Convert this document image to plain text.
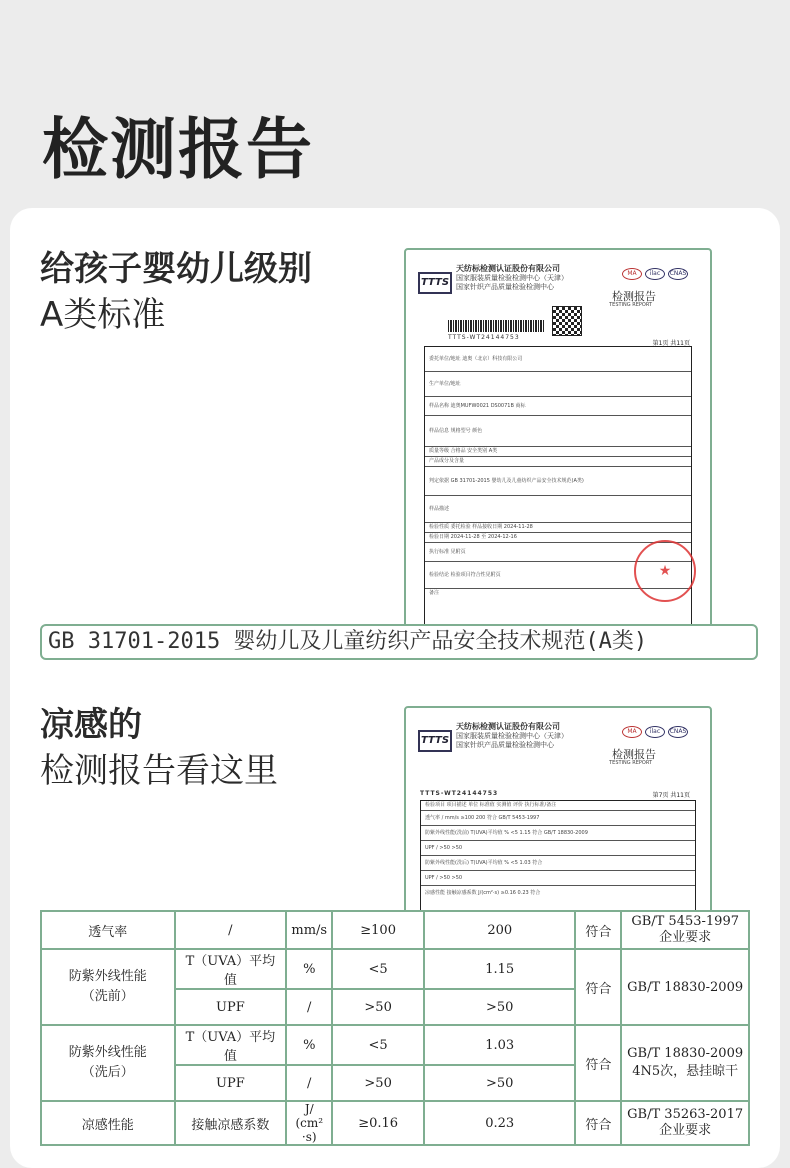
检测报告
给孩子婴幼儿级别
A类标准
TTTS
天纺标检测认证股份有限公司
国家服装质量检验检测中心（天津）
国家针织产品质量检验检测中心
MA	ilac	CNAS
检测报告
TESTING REPORT
TTTS-WT24144753
第1页 共11页
委托单位/地址 迪奥（北京）科技有限公司
生产单位/地址
样品名称 迪奥MUFW0021 DS0071B 商标
样品信息 规格型号 颜色
质量等级 合格品 安全类别 A类
产品成分及含量
判定依据 GB 31701-2015 婴幼儿及儿童纺织产品安全技术规范(A类)
样品描述
检验性质 委托检验 样品接收日期 2024-11-28
检验日期 2024-11-28 至 2024-12-16
执行标准 见附页
检验结论 检验项目符合性见附页
备注
★
GB 31701-2015 婴幼儿及儿童纺织产品安全技术规范(A类)
凉感的
检测报告看这里
TTTS
天纺标检测认证股份有限公司
国家服装质量检验检测中心（天津）
国家针织产品质量检验检测中心
MA	ilac	CNAS
检测报告
TESTING REPORT
TTTS-WT24144753	第7页 共11页
检验项目 项目描述 单位 标准值 实测值 评价 执行标准/备注
透气率 / mm/s ≥100 200 符合 GB/T 5453-1997
防紫外线性能(洗前) T(UVA)平均值 % <5 1.15 符合 GB/T 18830-2009
UPF / >50 >50
防紫外线性能(洗后) T(UVA)平均值 % <5 1.03 符合
UPF / >50 >50
凉感性能 接触凉感系数 J/(cm²·s) ≥0.16 0.23 符合
透气率	/	mm/s	≥100	200	符合	GB/T 5453-1997
企业要求
防紫外线性能
（洗前）	T（UVA）平均值	%	<5	1.15	符合	GB/T 18830-2009
	UPF	/	>50	>50		
防紫外线性能
（洗后）	T（UVA）平均值	%	<5	1.03	符合	GB/T 18830-2009
4N5次，悬挂晾干
	UPF	/	>50	>50		
凉感性能	接触凉感系数	J/
(cm²
·s)	≥0.16	0.23	符合	GB/T 35263-2017
企业要求
